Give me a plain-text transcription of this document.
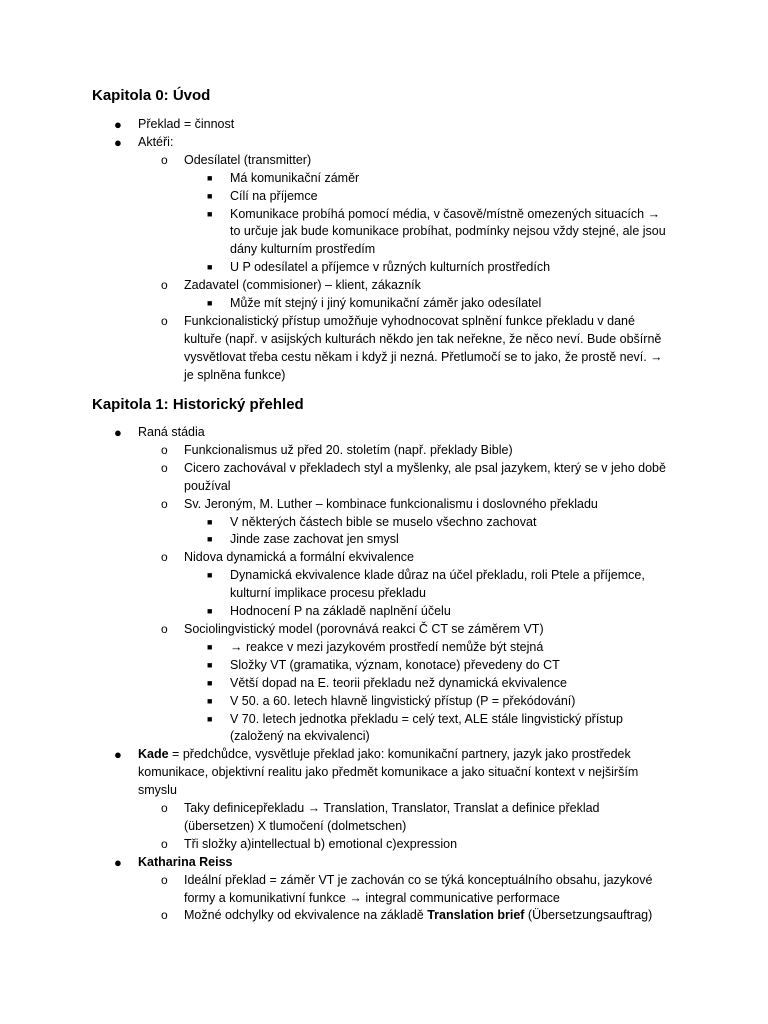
Kapitola 0: Úvod
● Překlad = činnost
● Aktéři:
o Odesílatel (transmitter)
■ Má komunikační záměr
■ Cílí na příjemce
■ Komunikace probíhá pomocí média, v časově/místně omezených situacích → to určuje jak bude komunikace probíhat, podmínky nejsou vždy stejné, ale jsou dány kulturním prostředím
■ U P odesílatel a příjemce v různých kulturních prostředích
o Zadavatel (commisioner) – klient, zákazník
■ Může mít stejný i jiný komunikační záměr jako odesílatel
o Funkcionalistický přístup umožňuje vyhodnocovat splnění funkce překladu v dané kultuře (např. v asijských kulturách někdo jen tak neřekne, že něco neví. Bude obšírně vysvětlovat třeba cestu někam i když ji nezná. Přetlumočí se to jako, že prostě neví. → je splněna funkce)
Kapitola 1: Historický přehled
● Raná stádia
o Funkcionalismus už před 20. stoletím (např. překlady Bible)
o Cicero zachovával v překladech styl a myšlenky, ale psal jazykem, který se v jeho době používal
o Sv. Jeroným, M. Luther – kombinace funkcionalismu i doslovného překladu
■ V některých částech bible se muselo všechno zachovat
■ Jinde zase zachovat jen smysl
o Nidova dynamická a formální ekvivalence
■ Dynamická ekvivalence klade důraz na účel překladu, roli Ptele a příjemce, kulturní implikace procesu překladu
■ Hodnocení P na základě naplnění účelu
o Sociolingvistický model (porovnává reakci Č CT se záměrem VT)
■ → reakce v mezi jazykovém prostředí nemůže být stejná
■ Složky VT (gramatika, význam, konotace) převedeny do CT
■ Větší dopad na E. teorii překladu než dynamická ekvivalence
■ V 50. a 60. letech hlavně lingvistický přístup (P = překódování)
■ V 70. letech jednotka překladu = celý text, ALE stále lingvistický přístup (založený na ekvivalenci)
● Kade = předchůdce, vysvětluje překlad jako: komunikační partnery, jazyk jako prostředek komunikace, objektivní realitu jako předmět komunikace a jako situační kontext v nejširším smyslu
o Taky definicepřekladu → Translation, Translator, Translat a definice překlad (übersetzen) X tlumočení (dolmetschen)
o Tři složky a)intellectual b) emotional c)expression
● Katharina Reiss
o Ideální překlad = záměr VT je zachován co se týká konceptuálního obsahu, jazykové formy a komunikativní funkce → integral communicative performace
o Možné odchylky od ekvivalence na základě Translation brief (Übersetzungsauftrag)
